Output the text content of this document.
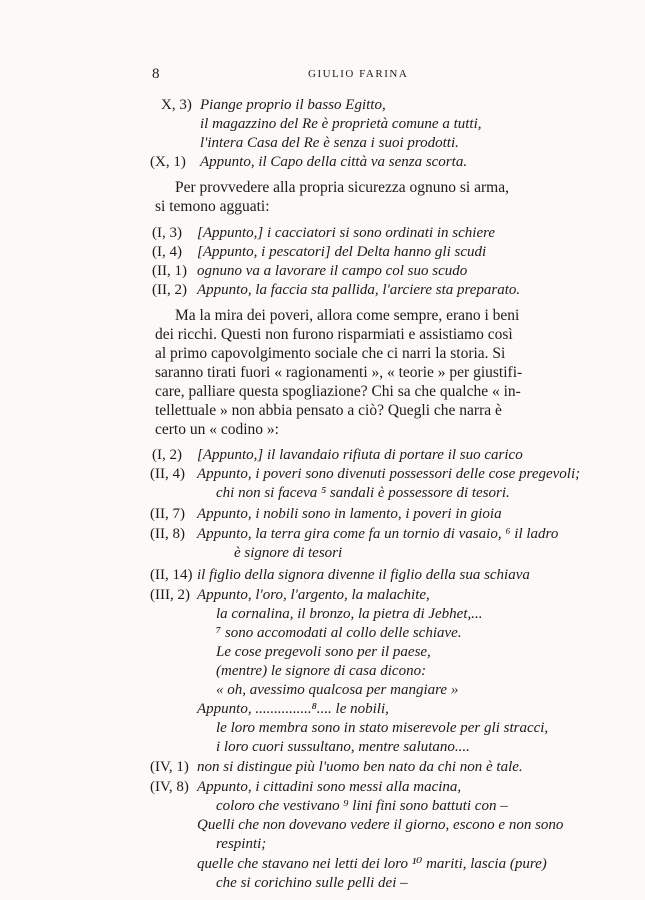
8	GIULIO FARINA
X, 3) Piange proprio il basso Egitto,
il magazzino del Re è proprietà comune a tutti,
l'intera Casa del Re è senza i suoi prodotti.
(X, 1) Appunto, il Capo della città va senza scorta.
Per provvedere alla propria sicurezza ognuno si arma,
si temono agguati:
(I, 3) [Appunto,] i cacciatori si sono ordinati in schiere
(I, 4) [Appunto, i pescatori] del Delta hanno gli scudi
(II, 1) ognuno va a lavorare il campo col suo scudo
(II, 2) Appunto, la faccia sta pallida, l'arciere sta preparato.
Ma la mira dei poveri, allora come sempre, erano i beni
dei ricchi. Questi non furono risparmiati e assistiamo così
al primo capovolgimento sociale che ci narri la storia. Si
saranno tirati fuori « ragionamenti », « teorie » per giustifi-
care, palliare questa spogliazione? Chi sa che qualche « in-
tellettuale » non abbia pensato a ciò? Quegli che narra è
certo un « codino »:
(I, 2) [Appunto,] il lavandaio rifiuta di portare il suo carico
(II, 4) Appunto, i poveri sono divenuti possessori delle cose pregevoli;
chi non si faceva ⁵ sandali è possessore di tesori.
(II, 7) Appunto, i nobili sono in lamento, i poveri in gioia
(II, 8) Appunto, la terra gira come fa un tornio di vasaio, ⁶ il ladro
è signore di tesori
(II, 14) il figlio della signora divenne il figlio della sua schiava
(III, 2) Appunto, l'oro, l'argento, la malachite,
la cornalina, il bronzo, la pietra di Jebhet,...
⁷ sono accomodati al collo delle schiave.
Le cose pregevoli sono per il paese,
(mentre) le signore di casa dicono:
« oh, avessimo qualcosa per mangiare »
Appunto, ...............⁸.... le nobili,
le loro membra sono in stato miserevole per gli stracci,
i loro cuori sussultano, mentre salutano....
(IV, 1) non si distingue più l'uomo ben nato da chi non è tale.
(IV, 8) Appunto, i cittadini sono messi alla macina,
coloro che vestivano ⁹ lini fini sono battuti con –
Quelli che non dovevano vedere il giorno, escono e non sono
respinti;
quelle che stavano nei letti dei loro ¹⁰ mariti, lascia (pure)
che si corichino sulle pelli dei –
